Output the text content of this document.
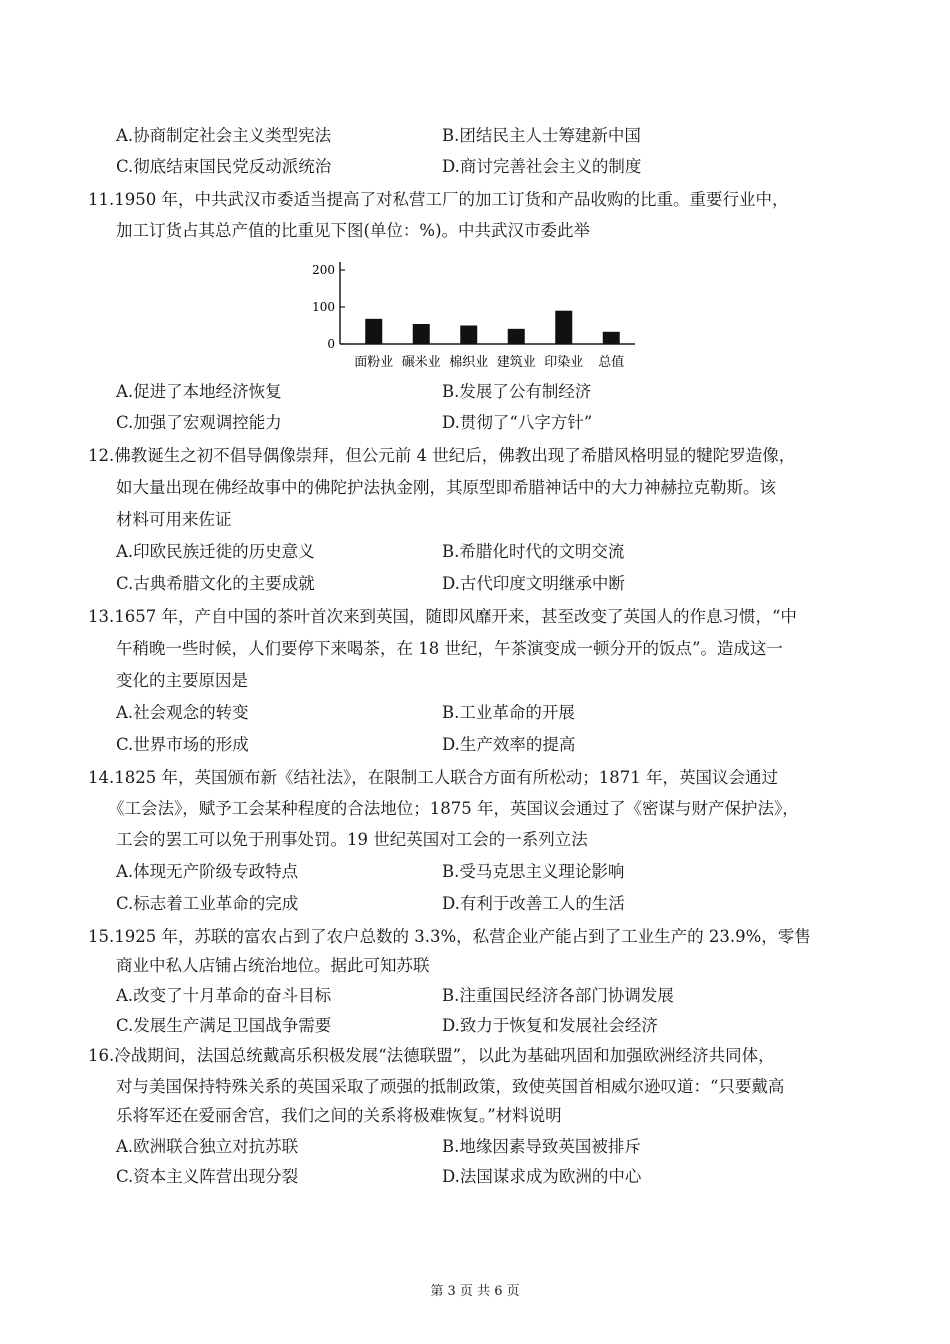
A.协商制定社会主义类型宪法	B.团结民主人士筹建新中国
C.彻底结束国民党反动派统治	D.商讨完善社会主义的制度
11.1950 年，中共武汉市委适当提高了对私营工厂的加工订货和产品收购的比重。重要行业中，
加工订货占其总产值的比重见下图(单位：%)。中共武汉市委此举
0
100
200
面粉业 碾米业 棉织业 建筑业 印染业 总值
A.促进了本地经济恢复	B.发展了公有制经济
C.加强了宏观调控能力	D.贯彻了“八字方针”
12.佛教诞生之初不倡导偶像崇拜，但公元前 4 世纪后，佛教出现了希腊风格明显的犍陀罗造像，
如大量出现在佛经故事中的佛陀护法执金刚，其原型即希腊神话中的大力神赫拉克勒斯。该
材料可用来佐证
A.印欧民族迁徙的历史意义	B.希腊化时代的文明交流
C.古典希腊文化的主要成就	D.古代印度文明继承中断
13.1657 年，产自中国的茶叶首次来到英国，随即风靡开来，甚至改变了英国人的作息习惯，“中
午稍晚一些时候，人们要停下来喝茶，在 18 世纪，午茶演变成一顿分开的饭点”。造成这一
变化的主要原因是
A.社会观念的转变	B.工业革命的开展
C.世界市场的形成	D.生产效率的提高
14.1825 年，英国颁布新《结社法》，在限制工人联合方面有所松动；1871 年，英国议会通过
《工会法》，赋予工会某种程度的合法地位；1875 年，英国议会通过了《密谋与财产保护法》，
工会的罢工可以免于刑事处罚。19 世纪英国对工会的一系列立法
A.体现无产阶级专政特点	B.受马克思主义理论影响
C.标志着工业革命的完成	D.有利于改善工人的生活
15.1925 年，苏联的富农占到了农户总数的 3.3%，私营企业产能占到了工业生产的 23.9%，零售
商业中私人店铺占统治地位。据此可知苏联
A.改变了十月革命的奋斗目标	B.注重国民经济各部门协调发展
C.发展生产满足卫国战争需要	D.致力于恢复和发展社会经济
16.冷战期间，法国总统戴高乐积极发展“法德联盟”，以此为基础巩固和加强欧洲经济共同体，
对与美国保持特殊关系的英国采取了顽强的抵制政策，致使英国首相威尔逊叹道：“只要戴高
乐将军还在爱丽舍宫，我们之间的关系将极难恢复。”材料说明
A.欧洲联合独立对抗苏联	B.地缘因素导致英国被排斥
C.资本主义阵营出现分裂	D.法国谋求成为欧洲的中心
第 3 页 共 6 页
